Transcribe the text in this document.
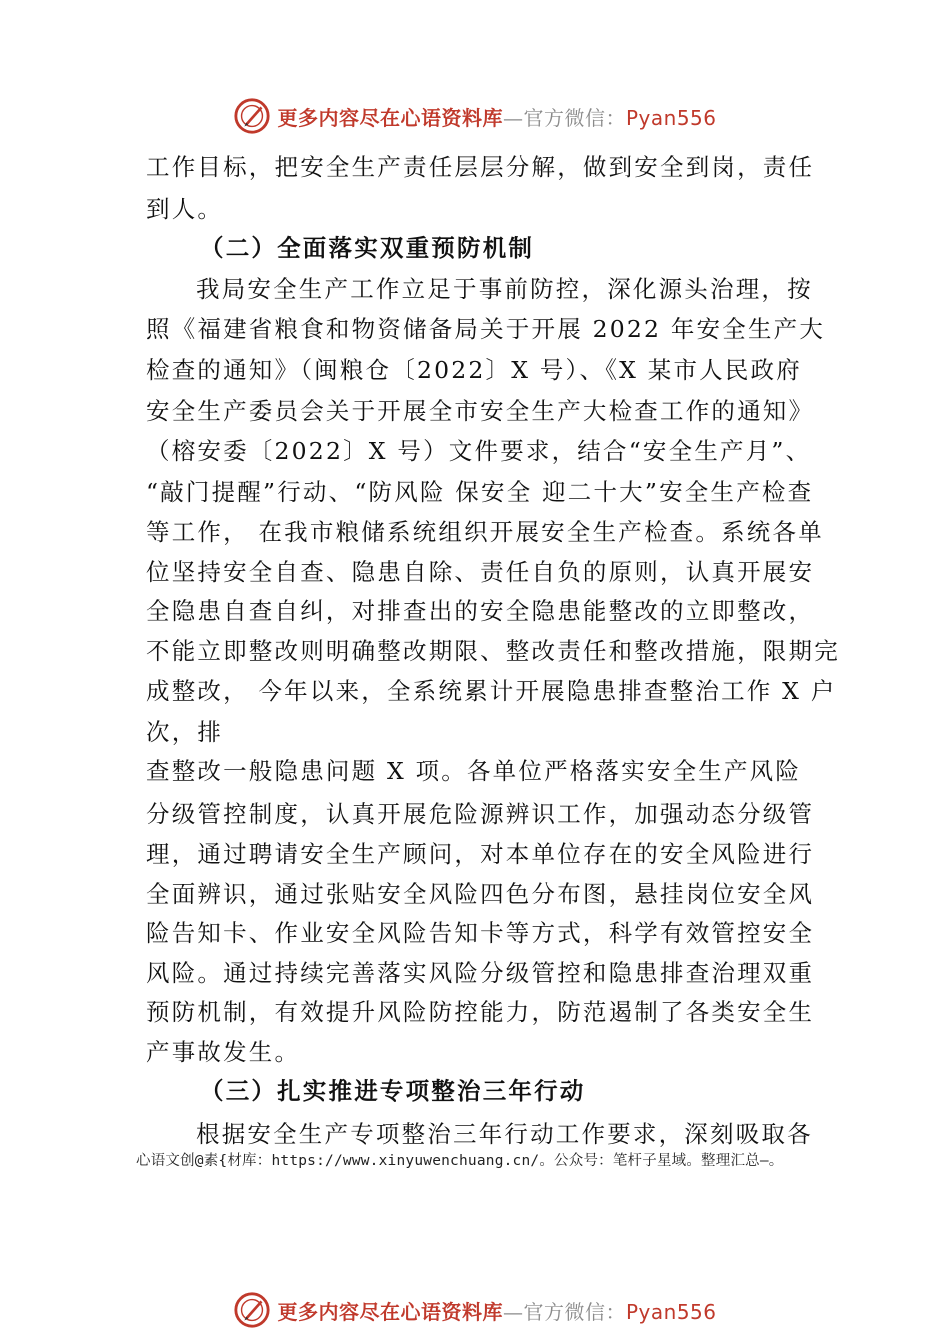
更多内容尽在心语资料库—官方微信：Pyan556
工作目标，把安全生产责任层层分解，做到安全到岗，责任
到人。
（二）全面落实双重预防机制
我局安全生产工作立足于事前防控，深化源头治理，按
照《福建省粮食和物资储备局关于开展 2022 年安全生产大
检查的通知》（闽粮仓〔2022〕X 号）、《X 某市人民政府
安全生产委员会关于开展全市安全生产大检查工作的通知》
（榕安委〔2022〕X 号）文件要求，结合“安全生产月”、
“敲门提醒”行动、“防风险 保安全 迎二十大”安全生产检查
等工作， 在我市粮储系统组织开展安全生产检查。系统各单
位坚持安全自查、隐患自除、责任自负的原则，认真开展安
全隐患自查自纠，对排查出的安全隐患能整改的立即整改，
不能立即整改则明确整改期限、整改责任和整改措施，限期完
成整改， 今年以来，全系统累计开展隐患排查整治工作 X 户
次，排
查整改一般隐患问题 X 项。各单位严格落实安全生产风险
分级管控制度，认真开展危险源辨识工作，加强动态分级管
理，通过聘请安全生产顾问，对本单位存在的安全风险进行
全面辨识，通过张贴安全风险四色分布图，悬挂岗位安全风
险告知卡、作业安全风险告知卡等方式，科学有效管控安全
风险。通过持续完善落实风险分级管控和隐患排查治理双重
预防机制，有效提升风险防控能力，防范遏制了各类安全生
产事故发生。
（三）扎实推进专项整治三年行动
根据安全生产专项整治三年行动工作要求，深刻吸取各
心语文创@素{材库：https://www.xinyuwenchuang.cn/。公众号：笔杆子星域。整理汇总—。
更多内容尽在心语资料库—官方微信：Pyan556
